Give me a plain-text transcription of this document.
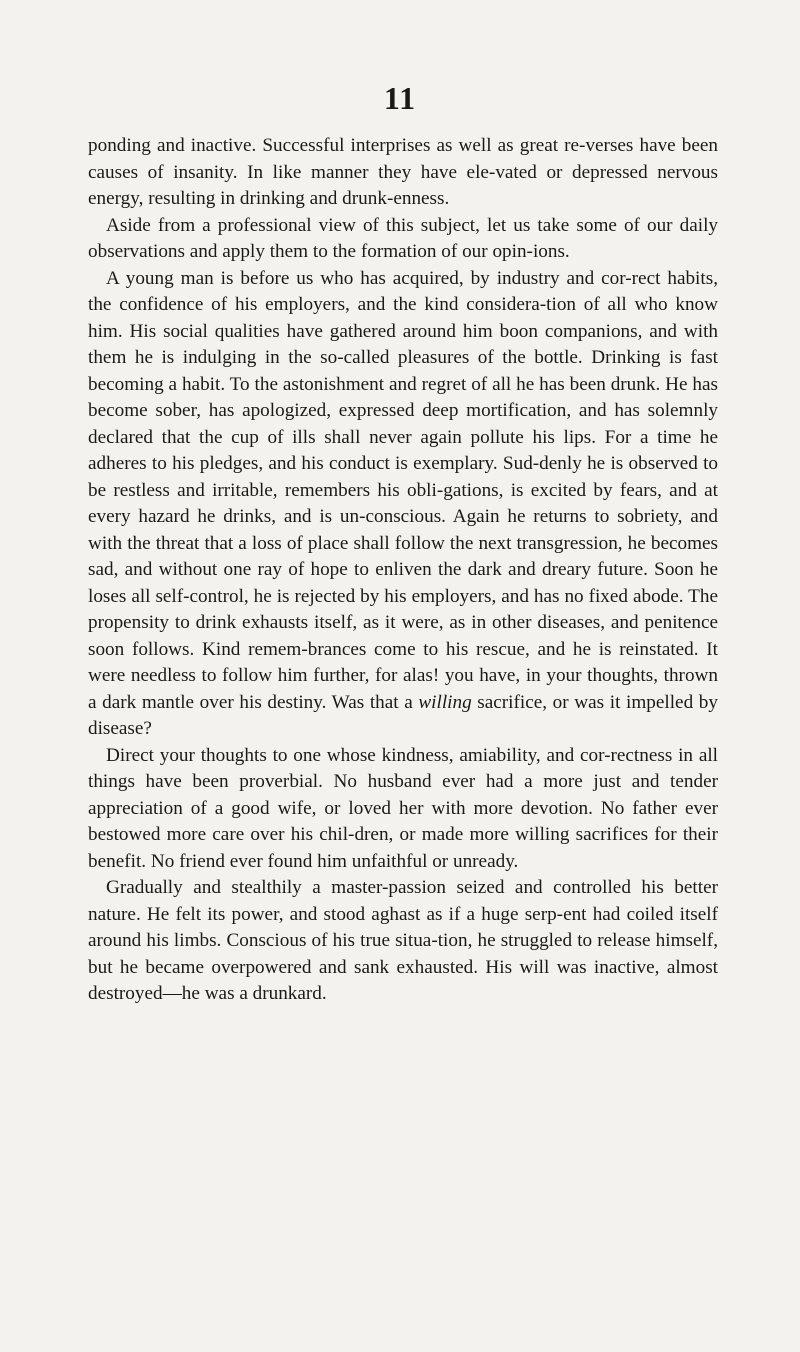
11

ponding and inactive. Successful interprises as well as great re-verses have been causes of insanity. In like manner they have ele-vated or depressed nervous energy, resulting in drinking and drunk-enness.

Aside from a professional view of this subject, let us take some of our daily observations and apply them to the formation of our opin-ions.

A young man is before us who has acquired, by industry and cor-rect habits, the confidence of his employers, and the kind considera-tion of all who know him. His social qualities have gathered around him boon companions, and with them he is indulging in the so-called pleasures of the bottle. Drinking is fast becoming a habit. To the astonishment and regret of all he has been drunk. He has become sober, has apologized, expressed deep mortification, and has solemnly declared that the cup of ills shall never again pollute his lips. For a time he adheres to his pledges, and his conduct is exemplary. Sud-denly he is observed to be restless and irritable, remembers his obli-gations, is excited by fears, and at every hazard he drinks, and is un-conscious. Again he returns to sobriety, and with the threat that a loss of place shall follow the next transgression, he becomes sad, and without one ray of hope to enliven the dark and dreary future. Soon he loses all self-control, he is rejected by his employers, and has no fixed abode. The propensity to drink exhausts itself, as it were, as in other diseases, and penitence soon follows. Kind remem-brances come to his rescue, and he is reinstated. It were needless to follow him further, for alas! you have, in your thoughts, thrown a dark mantle over his destiny. Was that a willing sacrifice, or was it impelled by disease?

Direct your thoughts to one whose kindness, amiability, and cor-rectness in all things have been proverbial. No husband ever had a more just and tender appreciation of a good wife, or loved her with more devotion. No father ever bestowed more care over his chil-dren, or made more willing sacrifices for their benefit. No friend ever found him unfaithful or unready.

Gradually and stealthily a master-passion seized and controlled his better nature. He felt its power, and stood aghast as if a huge serp-ent had coiled itself around his limbs. Conscious of his true situa-tion, he struggled to release himself, but he became overpowered and sank exhausted. His will was inactive, almost destroyed—he was a drunkard.
